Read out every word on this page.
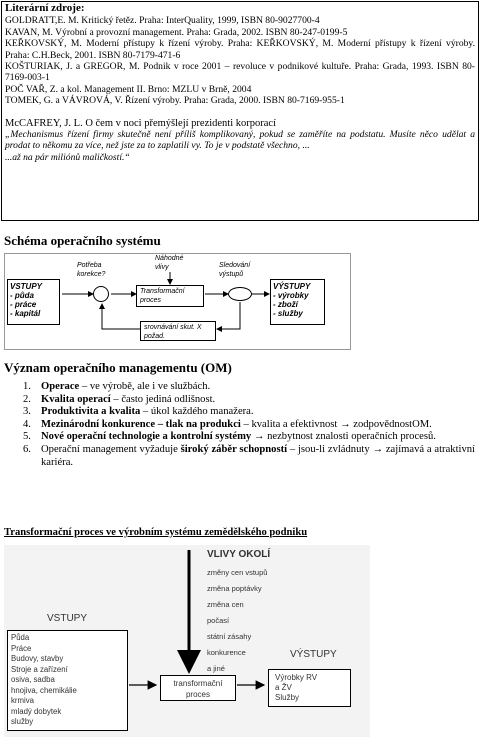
Literární zdroje:
GOLDRATT,E. M. Kritický řetěz. Praha: InterQuality, 1999, ISBN 80-9027700-4
KAVAN, M. Výrobní a provozní management. Praha: Grada, 2002. ISBN 80-247-0199-5
KEŘKOVSKÝ, M. Moderní přístupy k řízení výroby. Praha: KEŘKOVSKÝ, M. Moderní přístupy k řízení výroby. Praha: C.H.Beck, 2001. ISBN 80-7179-471-6
KOŠTURIAK, J. a GREGOR, M. Podnik v roce 2001 – revoluce v podnikové kultuře. Praha: Grada, 1993. ISBN 80-7169-003-1
POČ VAŘ, Z. a kol. Management II. Brno: MZLU v Brně, 2004
TOMEK, G. a VÁVROVÁ, V. Řízení výroby. Praha: Grada, 2000. ISBN 80-7169-955-1
McCAFREY, J. L. O čem v noci přemýšlejí prezidenti korporací
„Mechanismus řízení firmy skutečně není příliš komplikovaný, pokud se zaměříte na podstatu. Musíte něco udělat a prodat to někomu za více, než jste za to zaplatili vy. To je v podstatě všechno, ...
...až na pár miliónů maličkostí.“
Schéma operačního systému
VSTUPY
- půda
- práce
- kapitál
Potřeba korekce?
Náhodné vlivy
Transformační proces
Sledování výstupů
VÝSTUPY
- výrobky
- zboží
- služby
srovnávání skut. X požad.
Význam operačního managementu (OM)
1. Operace – ve výrobě, ale i ve službách.
2. Kvalita operací – často jediná odlišnost.
3. Produktivita a kvalita – úkol každého manažera.
4. Mezinárodní konkurence – tlak na produkci – kvalita a efektivnost → zodpovědnostOM.
5. Nové operační technologie a kontrolní systémy → nezbytnost znalosti operačních procesů.
6. Operační management vyžaduje široký záběr schopností – jsou-li zvládnuty → zajímavá a atraktivní kariéra.
Transformační proces ve výrobním systému zemědělského podniku
VLIVY OKOLÍ
změny cen vstupů
změna poptávky
změna cen
počasí
státní zásahy
konkurence
a jiné
VSTUPY
Půda
Práce
Budovy, stavby
Stroje a zařízení
osiva, sadba
hnojiva, chemikálie
krmiva
mladý dobytek
služby
transformační proces
VÝSTUPY
Výrobky RV
a ŽV
Služby
